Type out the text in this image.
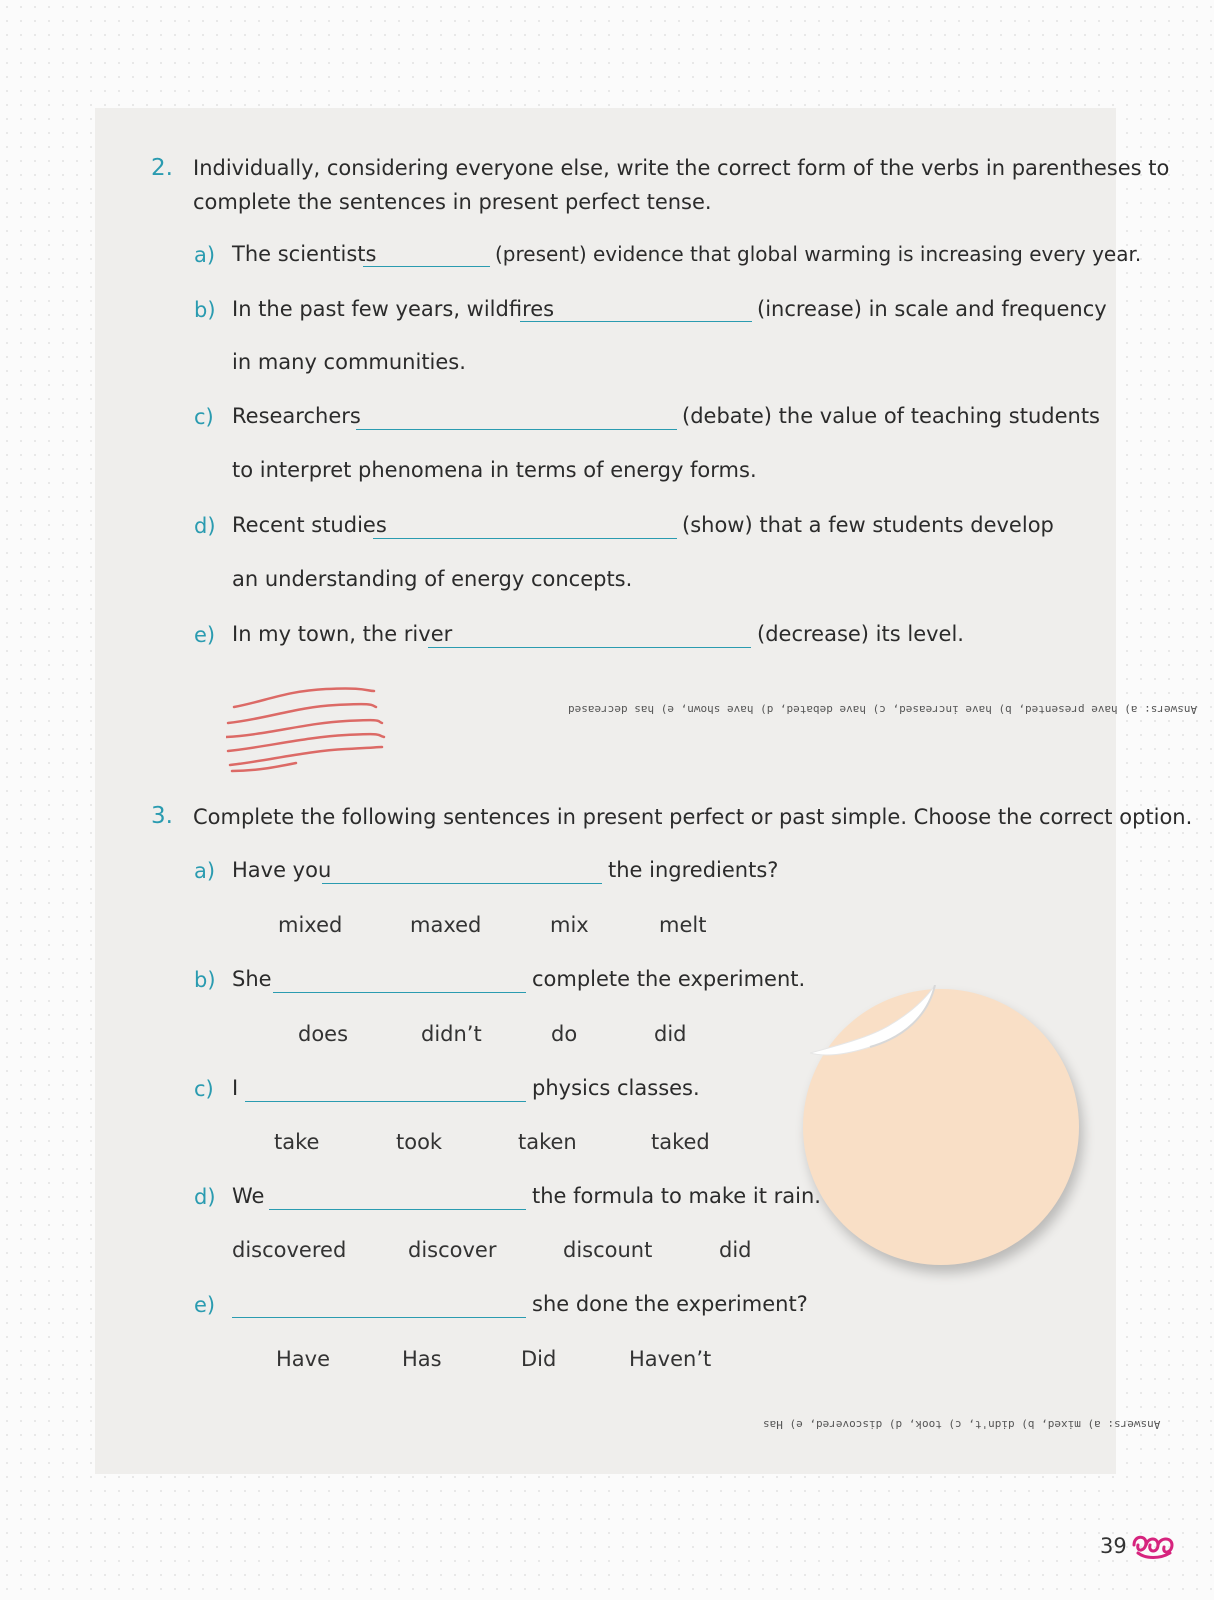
2. Individually, considering everyone else, write the correct form of the verbs in parentheses to
complete the sentences in present perfect tense.
a) The scientists	(present) evidence that global warming is increasing every year.
b) In the past few years, wildfires	(increase) in scale and frequency
in many communities.
c) Researchers	(debate) the value of teaching students
to interpret phenomena in terms of energy forms.
d) Recent studies	(show) that a few students develop
an understanding of energy concepts.
e) In my town, the river	(decrease) its level.
Answers: a) have presented, b) have increased, c) have debated, d) have shown, e) has decreased
3. Complete the following sentences in present perfect or past simple. Choose the correct option.
a) Have you	the ingredients?
mixed	maxed	mix	melt
b) She	complete the experiment.
does	didn’t	do	did
c) I	physics classes.
take	took	taken	taked
d) We	the formula to make it rain.
discovered	discover	discount	did
e)	she done the experiment?
Have	Has	Did	Haven’t
Answers: a) mixed, b) didn't, c) took, d) discovered, e) Has
39
